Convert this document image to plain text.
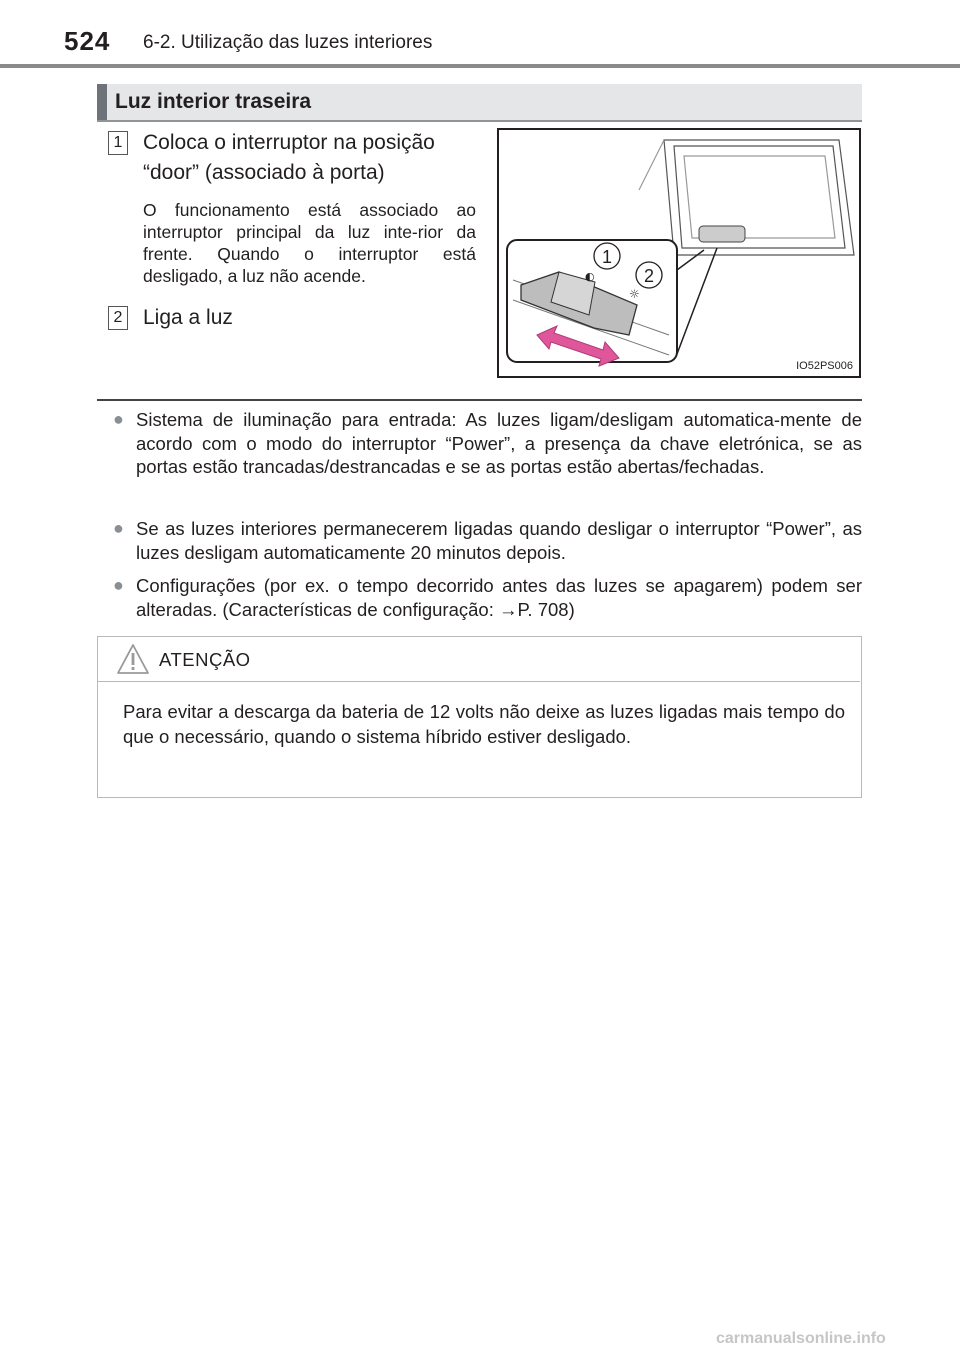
524 6-2. Utilização das luzes interiores
Luz interior traseira
1 Coloca o interruptor na posição
“door” (associado à porta)
O funcionamento está associado ao interruptor principal da luz inte-rior da frente. Quando o interruptor está desligado, a luz não acende.
2 Liga a luz
◐
☼
1
2
IO52PS006
● Sistema de iluminação para entrada: As luzes ligam/desligam automatica-mente de acordo com o modo do interruptor “Power”, a presença da chave eletrónica, se as portas estão trancadas/destrancadas e se as portas estão abertas/fechadas.
● Se as luzes interiores permanecerem ligadas quando desligar o interruptor “Power”, as luzes desligam automaticamente 20 minutos depois.
● Configurações (por ex. o tempo decorrido antes das luzes se apagarem) podem ser alteradas. (Características de configuração: →P. 708)
ATENÇÃO
Para evitar a descarga da bateria de 12 volts não deixe as luzes ligadas mais tempo do que o necessário, quando o sistema híbrido estiver desligado.
carmanualsonline.info
